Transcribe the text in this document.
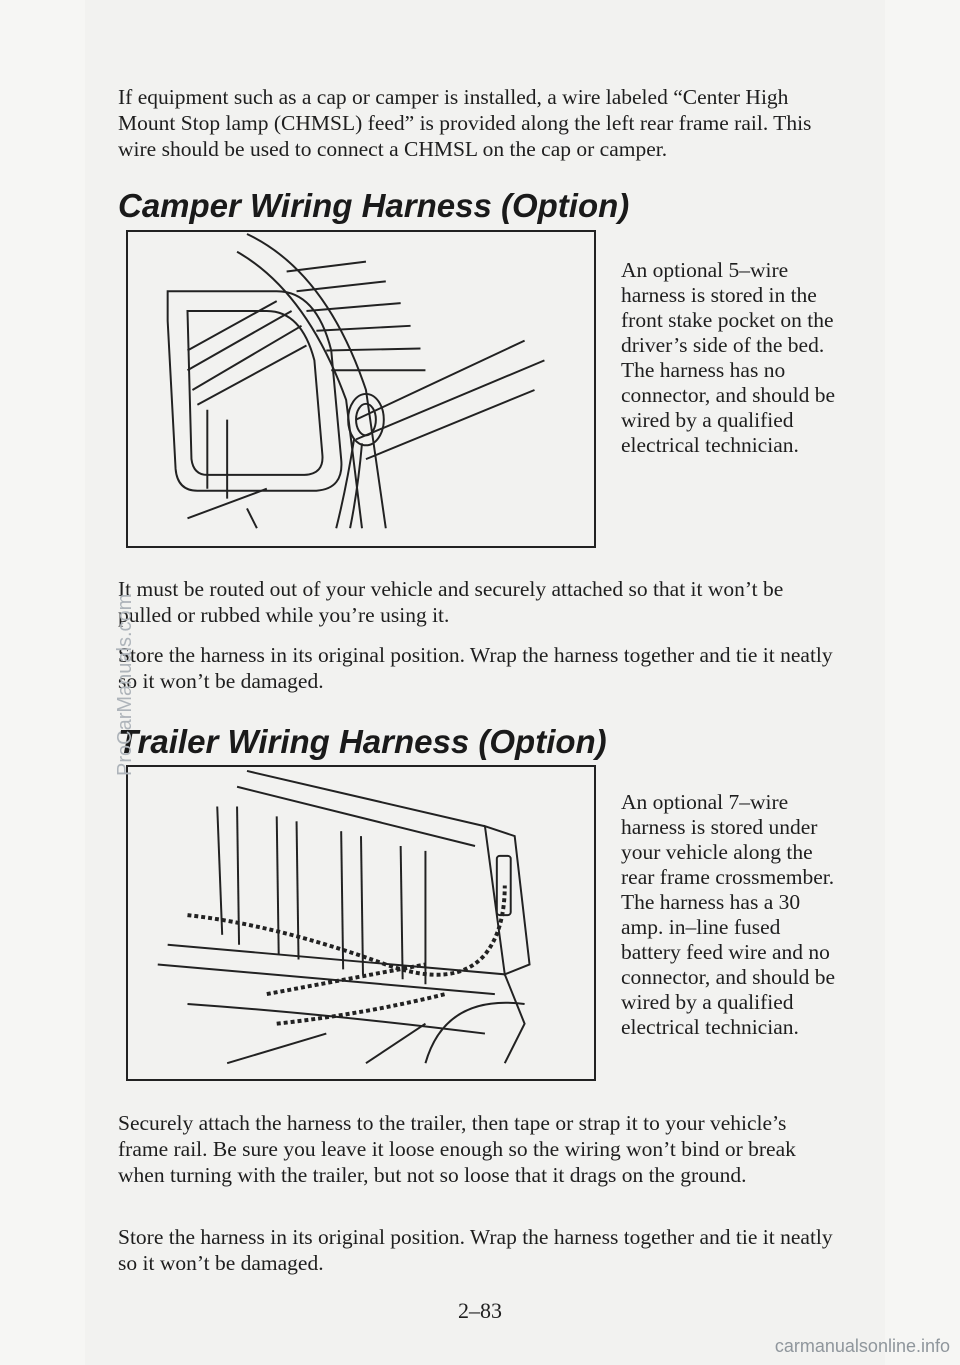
If equipment such as a cap or camper is installed, a wire labeled “Center High Mount Stop lamp (CHMSL) feed” is provided along the left rear frame rail. This wire should be used to connect a CHMSL on the cap or camper.

Camper Wiring Harness (Option)

An optional 5–wire harness is stored in the front stake pocket on the driver’s side of the bed. The harness has no connector, and should be wired by a qualified electrical technician.

It must be routed out of your vehicle and securely attached so that it won’t be pulled or rubbed while you’re using it.

Store the harness in its original position. Wrap the harness together and tie it neatly so it won’t be damaged.

Trailer Wiring Harness (Option)

An optional 7–wire harness is stored under your vehicle along the rear frame crossmember. The harness has a 30 amp. in–line fused battery feed wire and no connector, and should be wired by a qualified electrical technician.

Securely attach the harness to the trailer, then tape or strap it to your vehicle’s frame rail. Be sure you leave it loose enough so the wiring won’t bind or break when turning with the trailer, but not so loose that it drags on the ground.

Store the harness in its original position. Wrap the harness together and tie it neatly so it won’t be damaged.

2–83
ProCarManuals.com
carmanualsonline.info
